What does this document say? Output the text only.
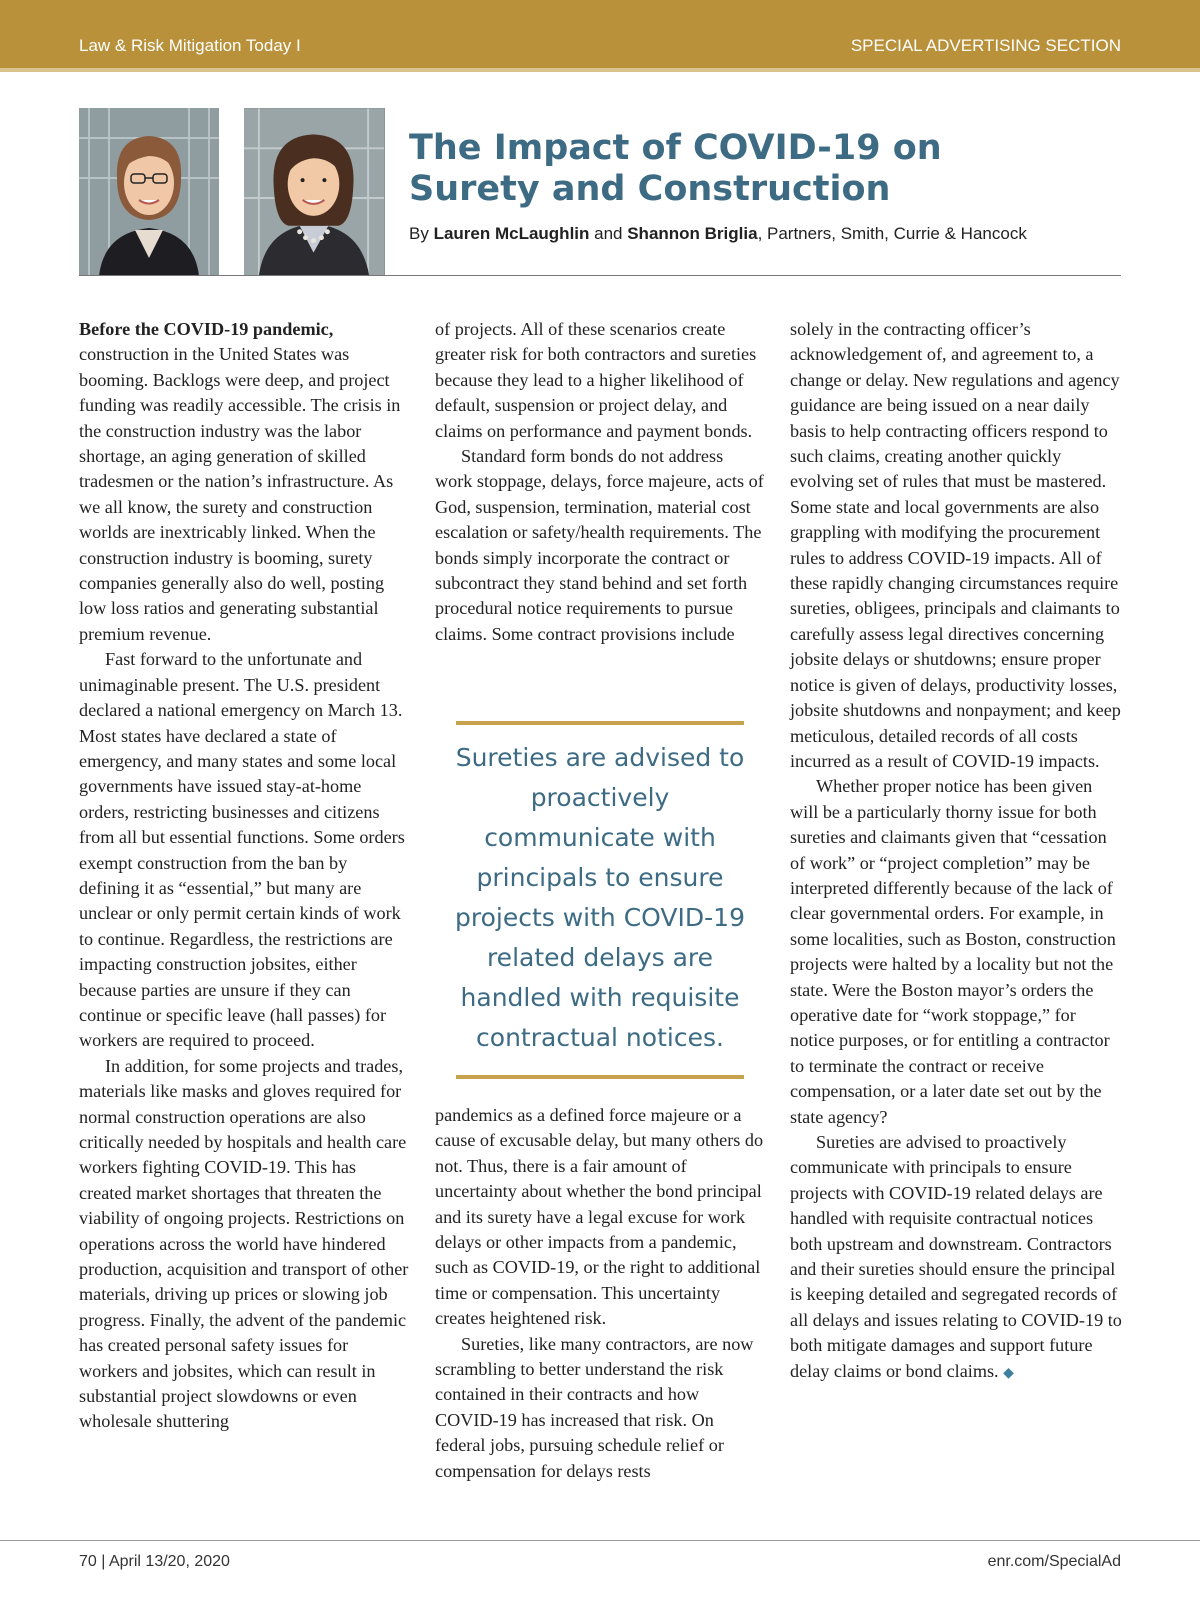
Law & Risk Mitigation Today I	SPECIAL ADVERTISING SECTION
The Impact of COVID-19 on
Surety and Construction
By Lauren McLaughlin and Shannon Briglia, Partners, Smith, Currie & Hancock

Before the COVID-19 pandemic, construction in the United States was booming. Backlogs were deep, and project funding was readily accessible. The crisis in the construction industry was the labor shortage, an aging generation of skilled tradesmen or the nation’s infrastructure. As we all know, the surety and construction worlds are inextricably linked. When the construction industry is booming, surety companies generally also do well, posting low loss ratios and generating substantial premium revenue.

Fast forward to the unfortunate and unimaginable present. The U.S. president declared a national emergency on March 13. Most states have declared a state of emergency, and many states and some local governments have issued stay-at-home orders, restricting businesses and citizens from all but essential functions. Some orders exempt construction from the ban by defining it as “essential,” but many are unclear or only permit certain kinds of work to continue. Regardless, the restrictions are impacting construction jobsites, either because parties are unsure if they can continue or specific leave (hall passes) for workers are required to proceed.

In addition, for some projects and trades, materials like masks and gloves required for normal construction operations are also critically needed by hospitals and health care workers fighting COVID-19. This has created market shortages that threaten the viability of ongoing projects. Restrictions on operations across the world have hindered production, acquisition and transport of other materials, driving up prices or slowing job progress. Finally, the advent of the pandemic has created personal safety issues for workers and jobsites, which can result in substantial project slowdowns or even wholesale shuttering

of projects. All of these scenarios create greater risk for both contractors and sureties because they lead to a higher likelihood of default, suspension or project delay, and claims on performance and payment bonds.

Standard form bonds do not address work stoppage, delays, force majeure, acts of God, suspension, termination, material cost escalation or safety/health requirements. The bonds simply incorporate the contract or subcontract they stand behind and set forth procedural notice requirements to pursue claims. Some contract provisions include

Sureties are advised to proactively communicate with principals to ensure projects with COVID-19 related delays are handled with requisite contractual notices.

pandemics as a defined force majeure or a cause of excusable delay, but many others do not. Thus, there is a fair amount of uncertainty about whether the bond principal and its surety have a legal excuse for work delays or other impacts from a pandemic, such as COVID-19, or the right to additional time or compensation. This uncertainty creates heightened risk.

Sureties, like many contractors, are now scrambling to better understand the risk contained in their contracts and how COVID-19 has increased that risk. On federal jobs, pursuing schedule relief or compensation for delays rests

solely in the contracting officer’s acknowledgement of, and agreement to, a change or delay. New regulations and agency guidance are being issued on a near daily basis to help contracting officers respond to such claims, creating another quickly evolving set of rules that must be mastered. Some state and local governments are also grappling with modifying the procurement rules to address COVID-19 impacts. All of these rapidly changing circumstances require sureties, obligees, principals and claimants to carefully assess legal directives concerning jobsite delays or shutdowns; ensure proper notice is given of delays, productivity losses, jobsite shutdowns and nonpayment; and keep meticulous, detailed records of all costs incurred as a result of COVID-19 impacts.

Whether proper notice has been given will be a particularly thorny issue for both sureties and claimants given that “cessation of work” or “project completion” may be interpreted differently because of the lack of clear governmental orders. For example, in some localities, such as Boston, construction projects were halted by a locality but not the state. Were the Boston mayor’s orders the operative date for “work stoppage,” for notice purposes, or for entitling a contractor to terminate the contract or receive compensation, or a later date set out by the state agency?

Sureties are advised to proactively communicate with principals to ensure projects with COVID-19 related delays are handled with requisite contractual notices both upstream and downstream. Contractors and their sureties should ensure the principal is keeping detailed and segregated records of all delays and issues relating to COVID-19 to both mitigate damages and support future delay claims or bond claims. ◆

70 | April 13/20, 2020	enr.com/SpecialAd
